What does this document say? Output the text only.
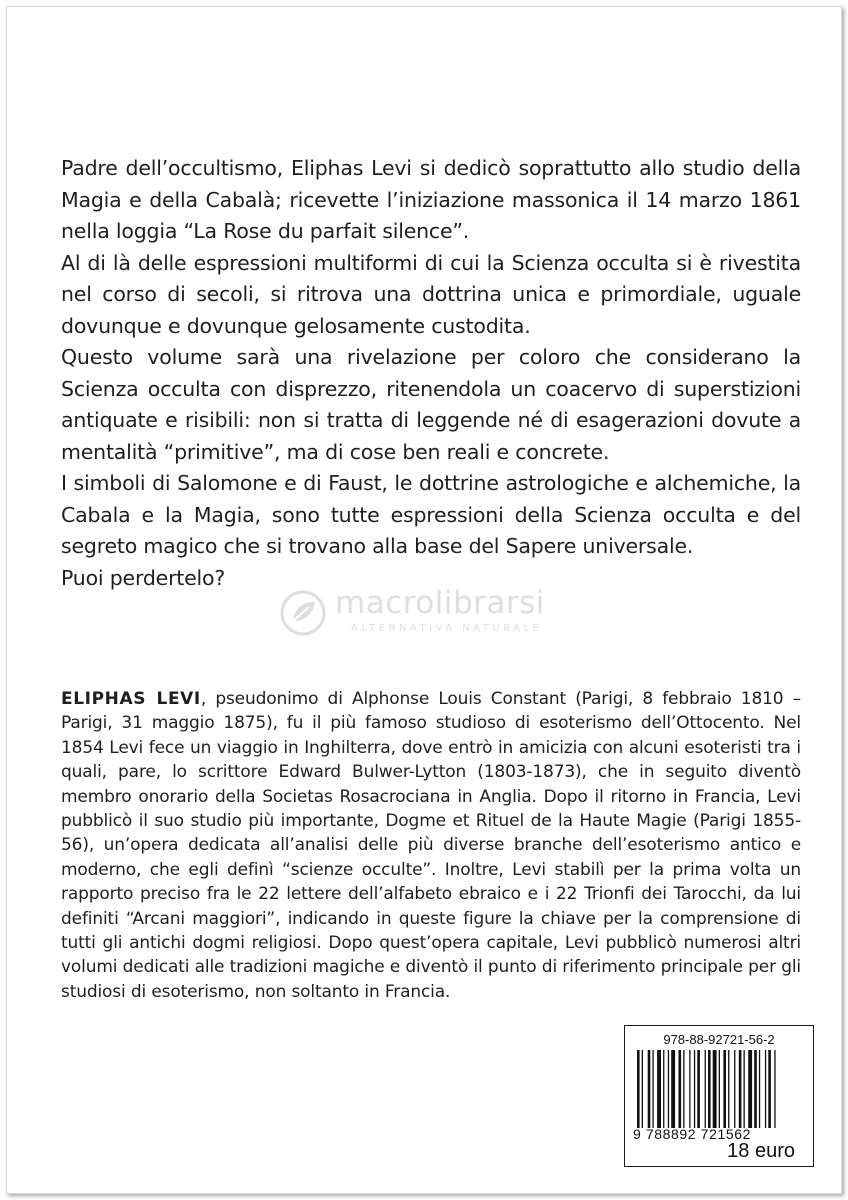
Padre dell’occultismo, Eliphas Levi si dedicò soprattutto allo studio della Magia e della Cabalà; ricevette l’iniziazione massonica il 14 marzo 1861 nella loggia “La Rose du parfait silence”.

Al di là delle espressioni multiformi di cui la Scienza occulta si è rivestita nel corso di secoli, si ritrova una dottrina unica e primordiale, uguale dovunque e dovunque gelosamente custodita.

Questo volume sarà una rivelazione per coloro che considerano la Scienza occulta con disprezzo, ritenendola un coacervo di superstizioni antiquate e risibili: non si tratta di leggende né di esagerazioni dovute a mentalità “primitive”, ma di cose ben reali e concrete.

I simboli di Salomone e di Faust, le dottrine astrologiche e alchemiche, la Cabala e la Magia, sono tutte espressioni della Scienza occulta e del segreto magico che si trovano alla base del Sapere universale.

Puoi perdertelo?

macrolibrarsi
ALTERNATIVA NATURALE

ELIPHAS LEVI, pseudonimo di Alphonse Louis Constant (Parigi, 8 febbraio 1810 – Parigi, 31 maggio 1875), fu il più famoso studioso di esoterismo dell’Ottocento. Nel 1854 Levi fece un viaggio in Inghilterra, dove entrò in amicizia con alcuni esoteristi tra i quali, pare, lo scrittore Edward Bulwer-Lytton (1803-1873), che in seguito diventò membro onorario della Societas Rosacrociana in Anglia. Dopo il ritorno in Francia, Levi pubblicò il suo studio più importante, Dogme et Rituel de la Haute Magie (Parigi 1855-56), un’opera dedicata all’analisi delle più diverse branche dell’esoterismo antico e moderno, che egli definì “scienze occulte”. Inoltre, Levi stabilì per la prima volta un rapporto preciso fra le 22 lettere dell’alfabeto ebraico e i 22 Trionfi dei Tarocchi, da lui definiti “Arcani maggiori”, indicando in queste figure la chiave per la comprensione di tutti gli antichi dogmi religiosi. Dopo quest’opera capitale, Levi pubblicò numerosi altri volumi dedicati alle tradizioni magiche e diventò il punto di riferimento principale per gli studiosi di esoterismo, non soltanto in Francia.

978-88-92721-56-2
9 788892 721562
18 euro
